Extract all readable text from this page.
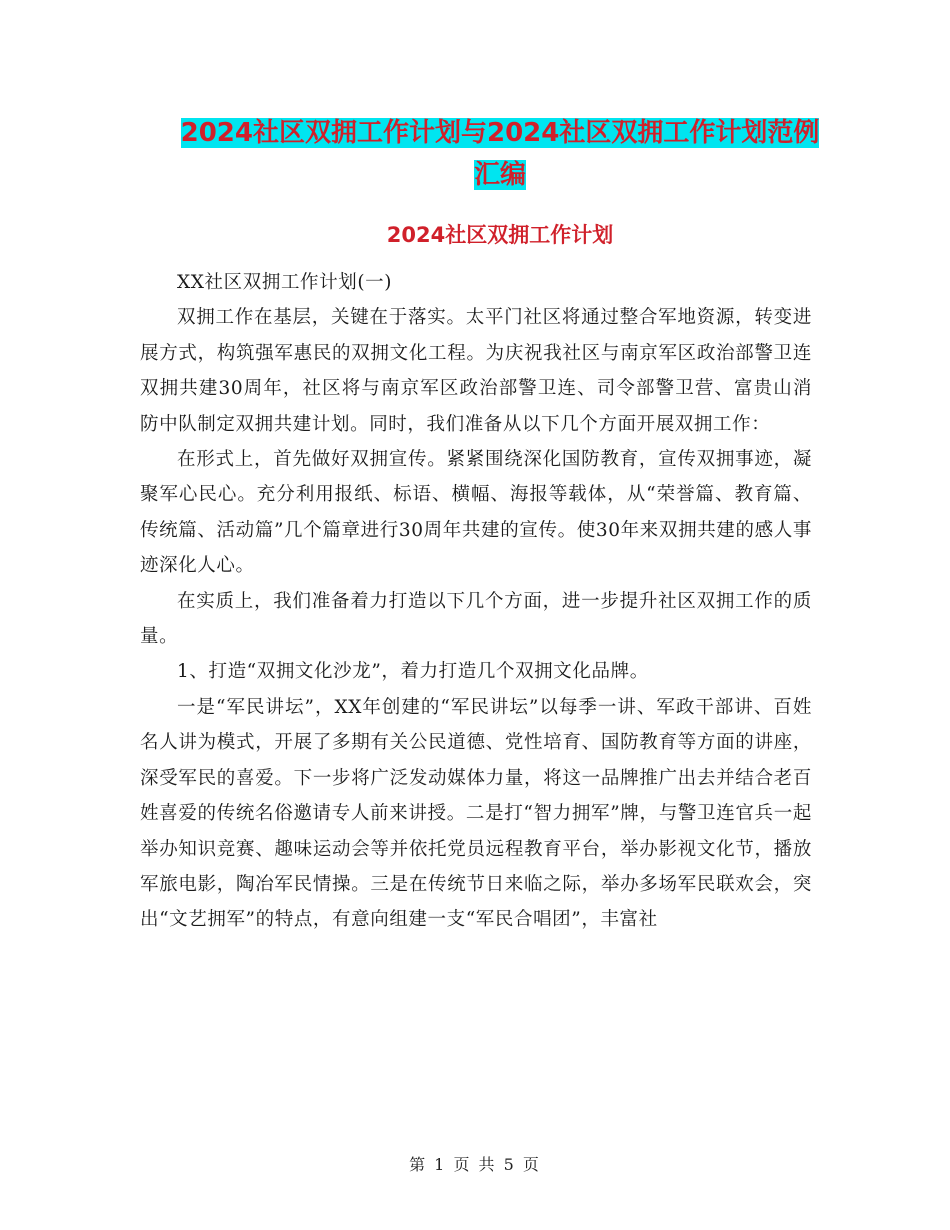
2024社区双拥工作计划与2024社区双拥工作计划范例
汇编
2024社区双拥工作计划

XX社区双拥工作计划(一)

双拥工作在基层，关键在于落实。太平门社区将通过整合军地资源，转变进展方式，构筑强军惠民的双拥文化工程。为庆祝我社区与南京军区政治部警卫连双拥共建30周年，社区将与南京军区政治部警卫连、司令部警卫营、富贵山消防中队制定双拥共建计划。同时，我们准备从以下几个方面开展双拥工作：

在形式上，首先做好双拥宣传。紧紧围绕深化国防教育，宣传双拥事迹，凝聚军心民心。充分利用报纸、标语、横幅、海报等载体，从“荣誉篇、教育篇、传统篇、活动篇”几个篇章进行30周年共建的宣传。使30年来双拥共建的感人事迹深化人心。

在实质上，我们准备着力打造以下几个方面，进一步提升社区双拥工作的质量。

1、打造“双拥文化沙龙”，着力打造几个双拥文化品牌。

一是“军民讲坛”，XX年创建的“军民讲坛”以每季一讲、军政干部讲、百姓名人讲为模式，开展了多期有关公民道德、党性培育、国防教育等方面的讲座，深受军民的喜爱。下一步将广泛发动媒体力量，将这一品牌推广出去并结合老百姓喜爱的传统名俗邀请专人前来讲授。二是打“智力拥军”牌，与警卫连官兵一起举办知识竞赛、趣味运动会等并依托党员远程教育平台，举办影视文化节，播放军旅电影，陶冶军民情操。三是在传统节日来临之际，举办多场军民联欢会，突出“文艺拥军”的特点，有意向组建一支“军民合唱团”，丰富社

第 1 页 共 5 页
